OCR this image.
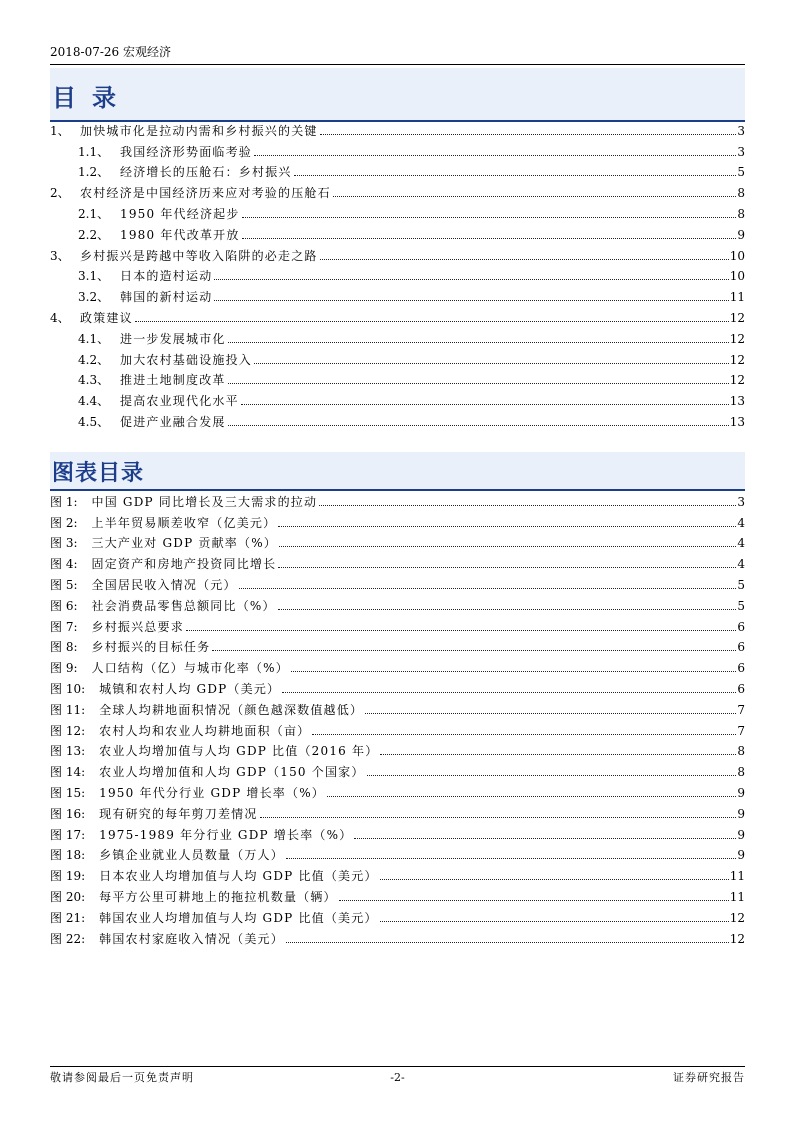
2018-07-26 宏观经济
目录
1、 加快城市化是拉动内需和乡村振兴的关键	3
1.1、 我国经济形势面临考验	3
1.2、 经济增长的压舱石：乡村振兴	5
2、 农村经济是中国经济历来应对考验的压舱石	8
2.1、 1950 年代经济起步	8
2.2、 1980 年代改革开放	9
3、 乡村振兴是跨越中等收入陷阱的必走之路	10
3.1、 日本的造村运动	10
3.2、 韩国的新村运动	11
4、 政策建议	12
4.1、 进一步发展城市化	12
4.2、 加大农村基础设施投入	12
4.3、 推进土地制度改革	12
4.4、 提高农业现代化水平	13
4.5、 促进产业融合发展	13
图表目录
图 1: 中国 GDP 同比增长及三大需求的拉动	3
图 2: 上半年贸易顺差收窄（亿美元）	4
图 3: 三大产业对 GDP 贡献率（%）	4
图 4: 固定资产和房地产投资同比增长	4
图 5: 全国居民收入情况（元）	5
图 6: 社会消费品零售总额同比（%）	5
图 7: 乡村振兴总要求	6
图 8: 乡村振兴的目标任务	6
图 9: 人口结构（亿）与城市化率（%）	6
图 10: 城镇和农村人均 GDP（美元）	6
图 11: 全球人均耕地面积情况（颜色越深数值越低）	7
图 12: 农村人均和农业人均耕地面积（亩）	7
图 13: 农业人均增加值与人均 GDP 比值（2016 年）	8
图 14: 农业人均增加值和人均 GDP（150 个国家）	8
图 15: 1950 年代分行业 GDP 增长率（%）	9
图 16: 现有研究的每年剪刀差情况	9
图 17: 1975-1989 年分行业 GDP 增长率（%）	9
图 18: 乡镇企业就业人员数量（万人）	9
图 19: 日本农业人均增加值与人均 GDP 比值（美元）	11
图 20: 每平方公里可耕地上的拖拉机数量（辆）	11
图 21: 韩国农业人均增加值与人均 GDP 比值（美元）	12
图 22: 韩国农村家庭收入情况（美元）	12
敬请参阅最后一页免责声明	-2-	证券研究报告
